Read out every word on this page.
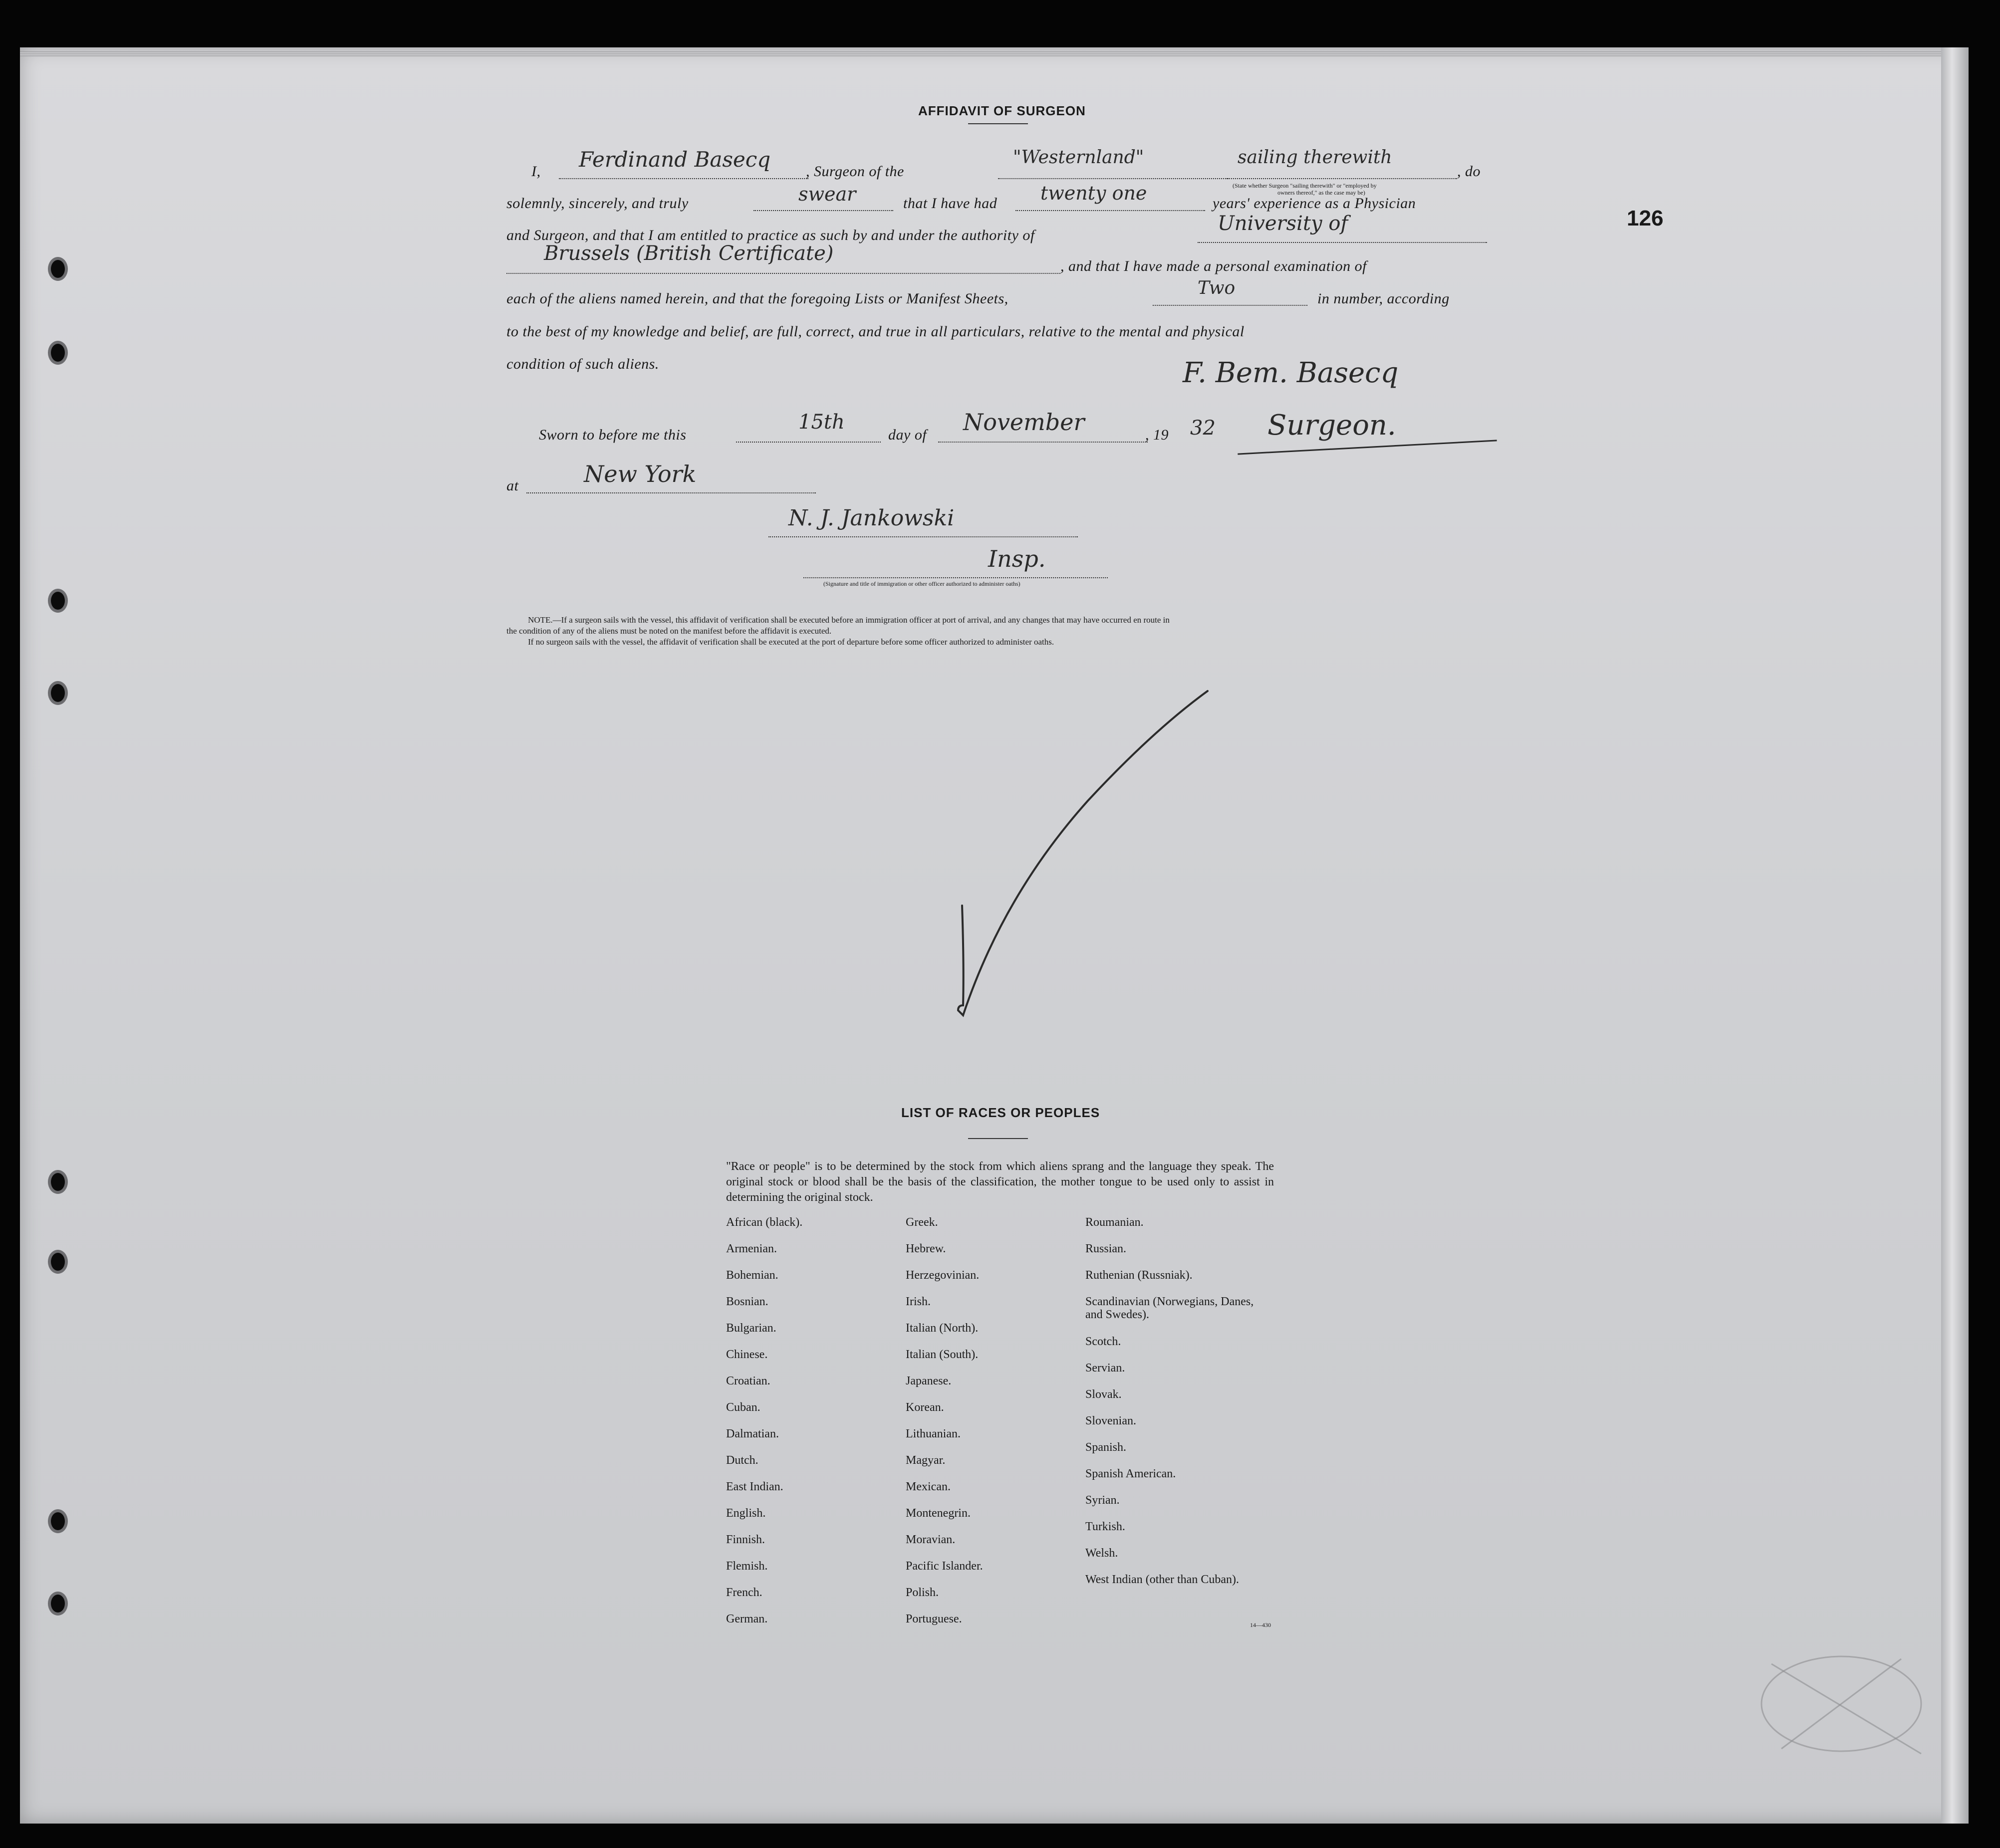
126
AFFIDAVIT OF SURGEON
I, Ferdinand Basecq , Surgeon of the
"Westernland"	sailing therewith
, do
(State whether Surgeon "sailing therewith" or "employed by
owners thereof," as the case may be)
solemnly, sincerely, and truly	swear	that I have had twenty one	years' experience as a Physician
and Surgeon, and that I am entitled to practice as such by and under the authority of
University of
Brussels (British Certificate)
, and that I have made a personal examination of
each of the aliens named herein, and that the foregoing Lists or Manifest Sheets,
Two
in number, according
to the best of my knowledge and belief, are full, correct, and true in all particulars, relative to the mental and physical
condition of such aliens.	F. Bem. Basecq
Surgeon.
Sworn to before me this
15th
day of November	, 19 32
at	New York
N. J. Jankowski
Insp.
(Signature and title of immigration or other officer authorized to administer oaths)
NOTE.—If a surgeon sails with the vessel, this affidavit of verification shall be executed before an immigration officer at port of arrival, and any changes that may have occurred en route in
the condition of any of the aliens must be noted on the manifest before the affidavit is executed.
If no surgeon sails with the vessel, the affidavit of verification shall be executed at the port of departure before some officer authorized to administer oaths.
LIST OF RACES OR PEOPLES
"Race or people" is to be determined by the stock from which aliens sprang and the language they speak. The original stock or blood shall be the basis of the classification, the mother tongue to be used only to assist in determining the original stock.
African (black).
Armenian.
Bohemian.
Bosnian.
Bulgarian.
Chinese.
Croatian.
Cuban.
Dalmatian.
Dutch.
East Indian.
English.
Finnish.
Flemish.
French.
German.
Greek.
Hebrew.
Herzegovinian.
Irish.
Italian (North).
Italian (South).
Japanese.
Korean.
Lithuanian.
Magyar.
Mexican.
Montenegrin.
Moravian.
Pacific Islander.
Polish.
Portuguese.
Roumanian.
Russian.
Ruthenian (Russniak).
Scandinavian (Norwegians, Danes, and Swedes).
Scotch.
Servian.
Slovak.
Slovenian.
Spanish.
Spanish American.
Syrian.
Turkish.
Welsh.
West Indian (other than Cuban).
14—430
